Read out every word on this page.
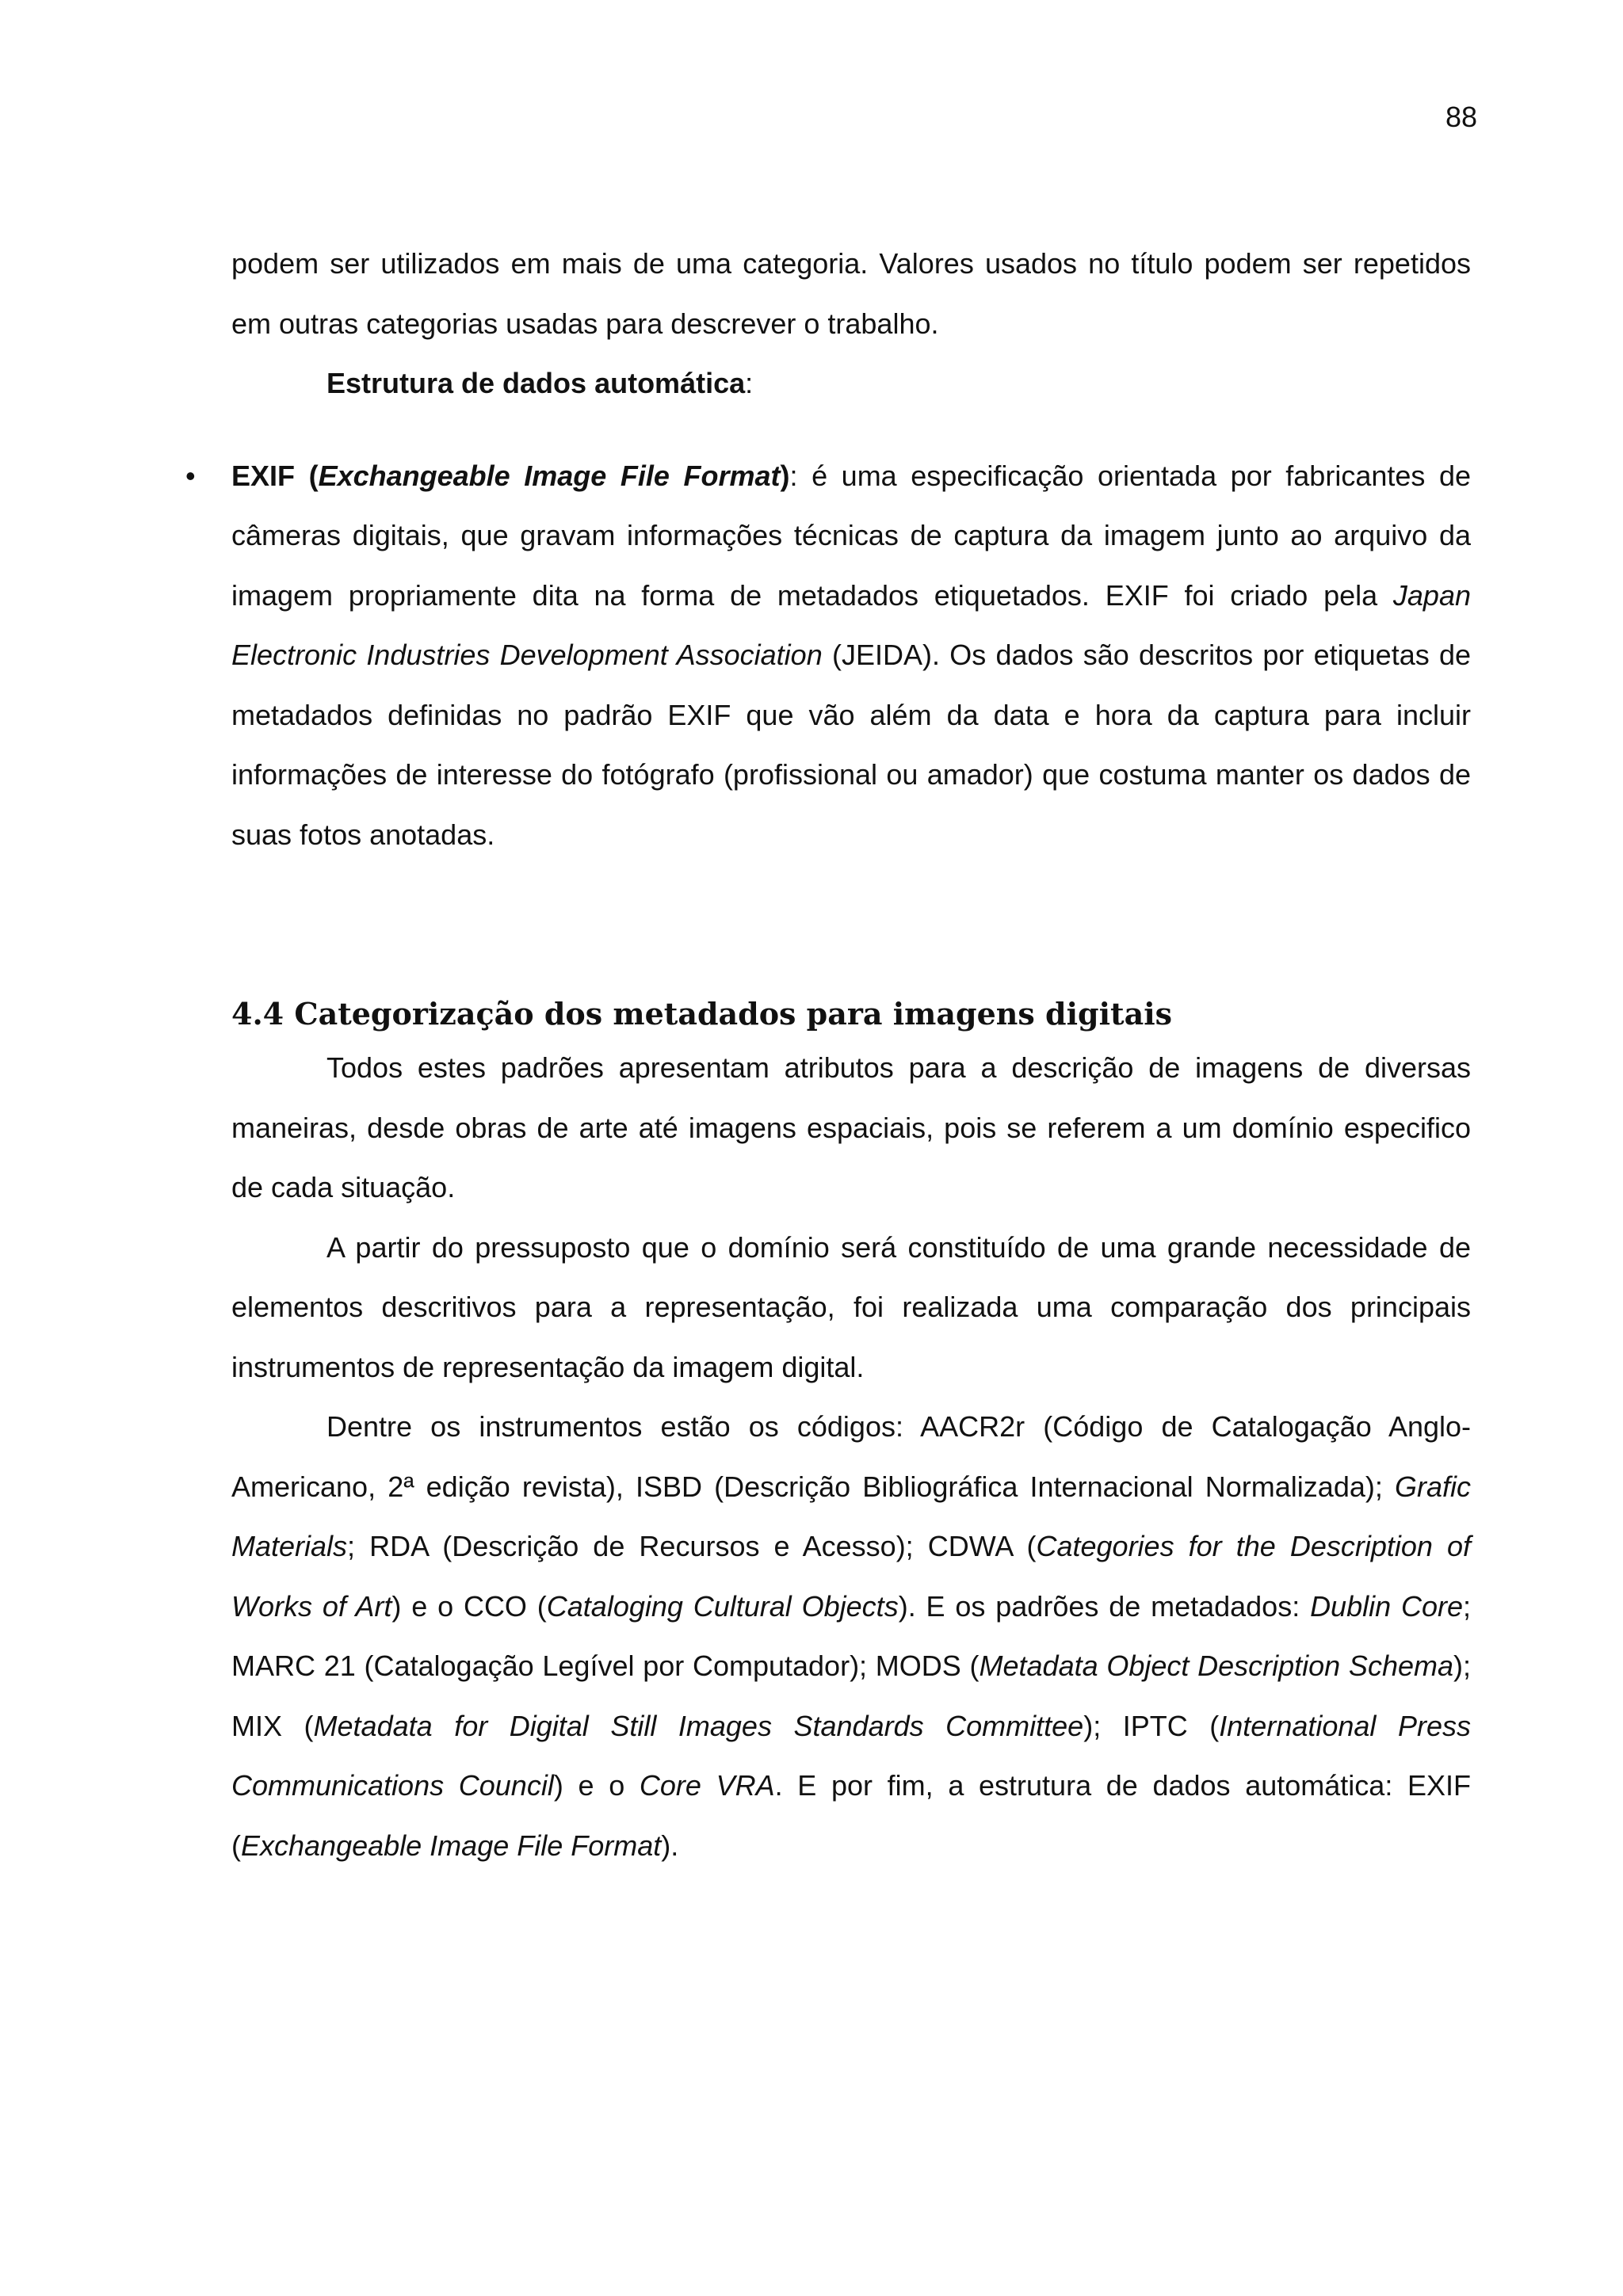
88

podem ser utilizados em mais de uma categoria. Valores usados no título podem ser repetidos em outras categorias usadas para descrever o trabalho.

Estrutura de dados automática:

• EXIF (Exchangeable Image File Format): é uma especificação orientada por fabricantes de câmeras digitais, que gravam informações técnicas de captura da imagem junto ao arquivo da imagem propriamente dita na forma de metadados etiquetados. EXIF foi criado pela Japan Electronic Industries Development Association (JEIDA). Os dados são descritos por etiquetas de metadados definidas no padrão EXIF que vão além da data e hora da captura para incluir informações de interesse do fotógrafo (profissional ou amador) que costuma manter os dados de suas fotos anotadas.

4.4 Categorização dos metadados para imagens digitais

Todos estes padrões apresentam atributos para a descrição de imagens de diversas maneiras, desde obras de arte até imagens espaciais, pois se referem a um domínio especifico de cada situação.

A partir do pressuposto que o domínio será constituído de uma grande necessidade de elementos descritivos para a representação, foi realizada uma comparação dos principais instrumentos de representação da imagem digital.

Dentre os instrumentos estão os códigos: AACR2r (Código de Catalogação Anglo-Americano, 2ª edição revista), ISBD (Descrição Bibliográfica Internacional Normalizada); Grafic Materials; RDA (Descrição de Recursos e Acesso); CDWA (Categories for the Description of Works of Art) e o CCO (Cataloging Cultural Objects). E os padrões de metadados: Dublin Core; MARC 21 (Catalogação Legível por Computador); MODS (Metadata Object Description Schema); MIX (Metadata for Digital Still Images Standards Committee); IPTC (International Press Communications Council) e o Core VRA. E por fim, a estrutura de dados automática: EXIF (Exchangeable Image File Format).
